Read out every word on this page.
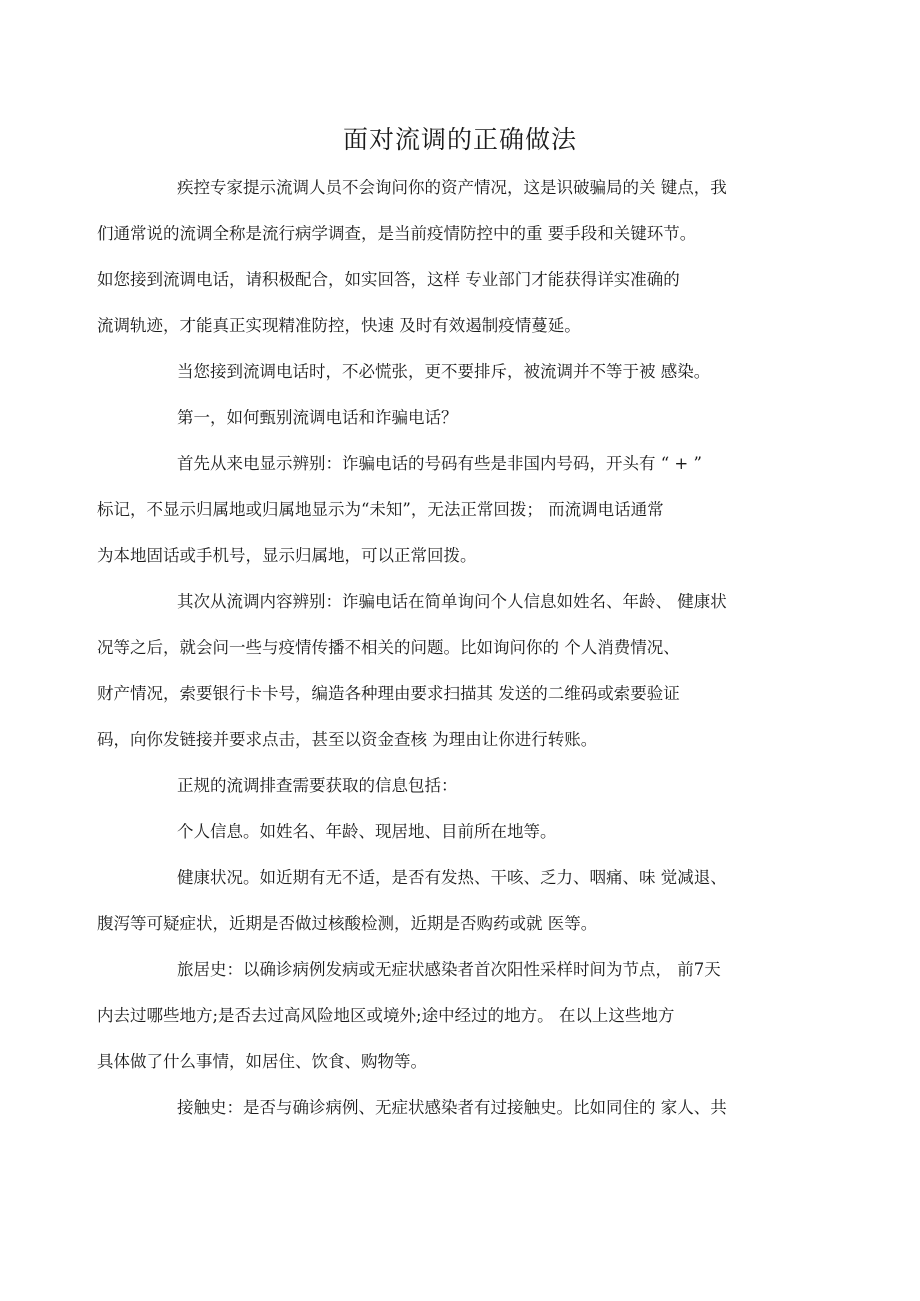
面对流调的正确做法

疾控专家提示流调人员不会询问你的资产情况，这是识破骗局的关 键点，我
们通常说的流调全称是流行病学调查，是当前疫情防控中的重 要手段和关键环节。
如您接到流调电话，请积极配合，如实回答，这样 专业部门才能获得详实准确的
流调轨迹，才能真正实现精准防控，快速 及时有效遏制疫情蔓延。

当您接到流调电话时，不必慌张，更不要排斥，被流调并不等于被 感染。

第一，如何甄别流调电话和诈骗电话？

首先从来电显示辨别：诈骗电话的号码有些是非国内号码，开头有 “ + ”
标记，不显示归属地或归属地显示为“未知”，无法正常回拨； 而流调电话通常
为本地固话或手机号，显示归属地，可以正常回拨。

其次从流调内容辨别：诈骗电话在简单询问个人信息如姓名、年龄、 健康状
况等之后，就会问一些与疫情传播不相关的问题。比如询问你的 个人消费情况、
财产情况，索要银行卡卡号，编造各种理由要求扫描其 发送的二维码或索要验证
码，向你发链接并要求点击，甚至以资金查核 为理由让你进行转账。

正规的流调排查需要获取的信息包括：

个人信息。如姓名、年龄、现居地、目前所在地等。

健康状况。如近期有无不适，是否有发热、干咳、乏力、咽痛、味 觉减退、
腹泻等可疑症状，近期是否做过核酸检测，近期是否购药或就 医等。

旅居史：以确诊病例发病或无症状感染者首次阳性采样时间为节点， 前7天
内去过哪些地方;是否去过高风险地区或境外;途中经过的地方。 在以上这些地方
具体做了什么事情，如居住、饮食、购物等。

接触史：是否与确诊病例、无症状感染者有过接触史。比如同住的 家人、共
